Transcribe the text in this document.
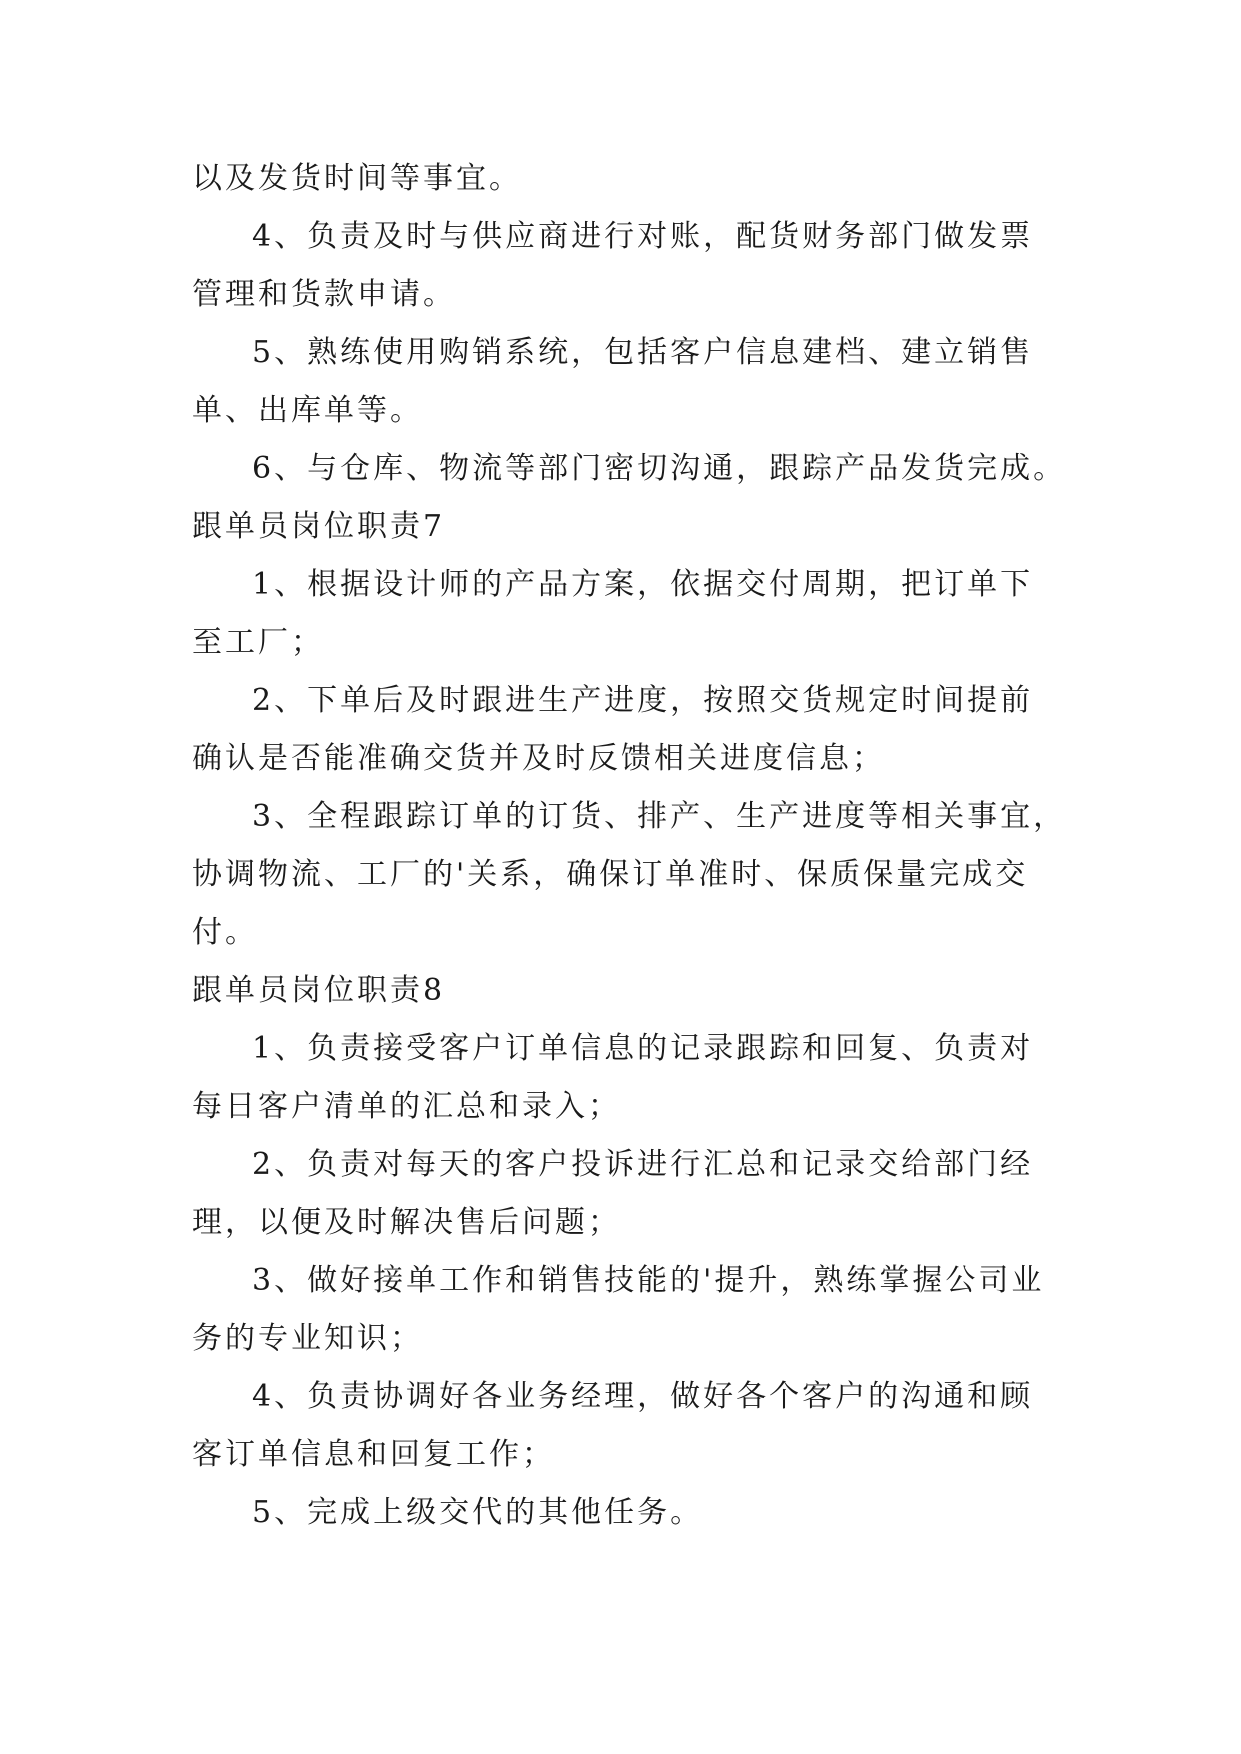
以及发货时间等事宜。

4、负责及时与供应商进行对账，配货财务部门做发票
管理和货款申请。

5、熟练使用购销系统，包括客户信息建档、建立销售
单、出库单等。

6、与仓库、物流等部门密切沟通，跟踪产品发货完成。

跟单员岗位职责7

1、根据设计师的产品方案，依据交付周期，把订单下
至工厂；

2、下单后及时跟进生产进度，按照交货规定时间提前
确认是否能准确交货并及时反馈相关进度信息；

3、全程跟踪订单的订货、排产、生产进度等相关事宜，
协调物流、工厂的'关系，确保订单准时、保质保量完成交
付。

跟单员岗位职责8

1、负责接受客户订单信息的记录跟踪和回复、负责对
每日客户清单的汇总和录入；

2、负责对每天的客户投诉进行汇总和记录交给部门经
理，以便及时解决售后问题；

3、做好接单工作和销售技能的'提升，熟练掌握公司业
务的专业知识；

4、负责协调好各业务经理，做好各个客户的沟通和顾
客订单信息和回复工作；

5、完成上级交代的其他任务。
